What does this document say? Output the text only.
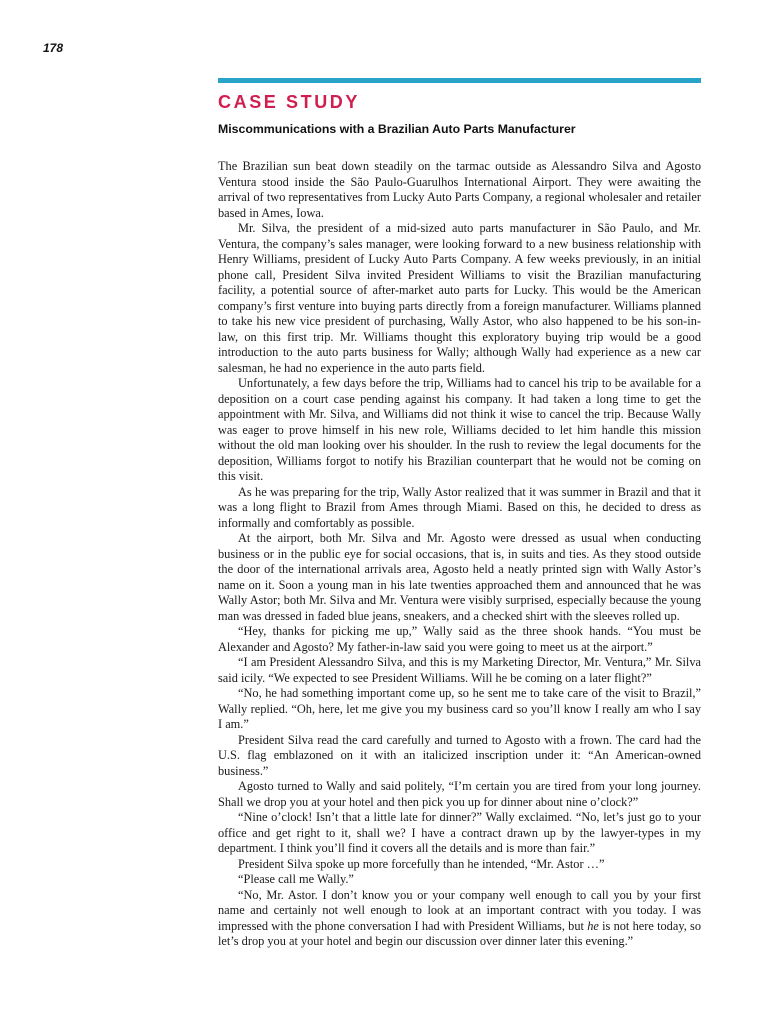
178
CASE STUDY
Miscommunications with a Brazilian Auto Parts Manufacturer

The Brazilian sun beat down steadily on the tarmac outside as Alessandro Silva and Agosto Ventura stood inside the São Paulo-Guarulhos International Airport. They were awaiting the arrival of two representatives from Lucky Auto Parts Company, a regional wholesaler and retailer based in Ames, Iowa.

Mr. Silva, the president of a mid-sized auto parts manufacturer in São Paulo, and Mr. Ventura, the company’s sales manager, were looking forward to a new business relationship with Henry Williams, president of Lucky Auto Parts Company. A few weeks previously, in an initial phone call, President Silva invited President Williams to visit the Brazilian manufacturing facility, a potential source of after-market auto parts for Lucky. This would be the American company’s first venture into buying parts directly from a foreign manufacturer. Williams planned to take his new vice president of purchasing, Wally Astor, who also happened to be his son-in-law, on this first trip. Mr. Williams thought this exploratory buying trip would be a good introduction to the auto parts business for Wally; although Wally had experience as a new car salesman, he had no experience in the auto parts field.

Unfortunately, a few days before the trip, Williams had to cancel his trip to be available for a deposition on a court case pending against his company. It had taken a long time to get the appointment with Mr. Silva, and Williams did not think it wise to cancel the trip. Because Wally was eager to prove himself in his new role, Williams decided to let him handle this mission without the old man looking over his shoulder. In the rush to review the legal documents for the deposition, Williams forgot to notify his Brazilian counterpart that he would not be coming on this visit.

As he was preparing for the trip, Wally Astor realized that it was summer in Brazil and that it was a long flight to Brazil from Ames through Miami. Based on this, he decided to dress as informally and comfortably as possible.

At the airport, both Mr. Silva and Mr. Agosto were dressed as usual when conducting business or in the public eye for social occasions, that is, in suits and ties. As they stood outside the door of the international arrivals area, Agosto held a neatly printed sign with Wally Astor’s name on it. Soon a young man in his late twenties approached them and announced that he was Wally Astor; both Mr. Silva and Mr. Ventura were visibly surprised, especially because the young man was dressed in faded blue jeans, sneakers, and a checked shirt with the sleeves rolled up.

“Hey, thanks for picking me up,” Wally said as the three shook hands. “You must be Alexander and Agosto? My father-in-law said you were going to meet us at the airport.”

“I am President Alessandro Silva, and this is my Marketing Director, Mr. Ventura,” Mr. Silva said icily. “We expected to see President Williams. Will he be coming on a later flight?”

“No, he had something important come up, so he sent me to take care of the visit to Brazil,” Wally replied. “Oh, here, let me give you my business card so you’ll know I really am who I say I am.”

President Silva read the card carefully and turned to Agosto with a frown. The card had the U.S. flag emblazoned on it with an italicized inscription under it: “An American-owned business.”

Agosto turned to Wally and said politely, “I’m certain you are tired from your long journey. Shall we drop you at your hotel and then pick you up for dinner about nine o’clock?”

“Nine o’clock! Isn’t that a little late for dinner?” Wally exclaimed. “No, let’s just go to your office and get right to it, shall we? I have a contract drawn up by the lawyer-types in my department. I think you’ll find it covers all the details and is more than fair.”

President Silva spoke up more forcefully than he intended, “Mr. Astor …”

“Please call me Wally.”

“No, Mr. Astor. I don’t know you or your company well enough to call you by your first name and certainly not well enough to look at an important contract with you today. I was impressed with the phone conversation I had with President Williams, but he is not here today, so let’s drop you at your hotel and begin our discussion over dinner later this evening.”
